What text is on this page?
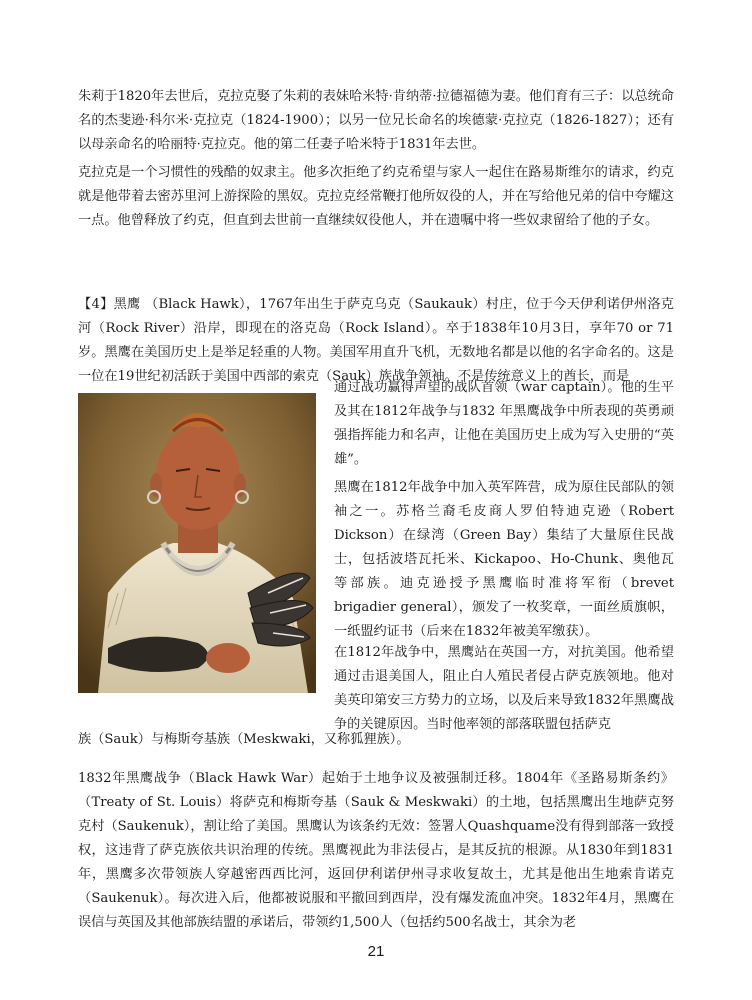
朱莉于1820年去世后，克拉克娶了朱莉的表妹哈米特·肯纳蒂·拉德福德为妻。他们育有三子：以总统命名的杰斐逊·科尔米·克拉克（1824-1900）；以另一位兄长命名的埃德蒙·克拉克（1826-1827）；还有以母亲命名的哈丽特·克拉克。他的第二任妻子哈米特于1831年去世。

克拉克是一个习惯性的残酷的奴隶主。他多次拒绝了约克希望与家人一起住在路易斯维尔的请求，约克就是他带着去密苏里河上游探险的黑奴。克拉克经常鞭打他所奴役的人，并在写给他兄弟的信中夸耀这一点。他曾释放了约克，但直到去世前一直继续奴役他人，并在遗嘱中将一些奴隶留给了他的子女。

【4】黑鹰 （Black Hawk），1767年出生于萨克乌克（Saukauk）村庄，位于今天伊利诺伊州洛克河（Rock River）沿岸，即现在的洛克岛（Rock Island）。卒于1838年10月3日，享年70 or 71岁。黑鹰在美国历史上是举足轻重的人物。美国军用直升飞机，无数地名都是以他的名字命名的。这是一位在19世纪初活跃于美国中西部的索克（Sauk）族战争领袖。不是传统意义上的酋长，而是

通过战功赢得声望的战队首领（war captain）。他的生平及其在1812年战争与1832 年黑鹰战争中所表现的英勇顽强指挥能力和名声，让他在美国历史上成为写入史册的“英雄”。

黑鹰在1812年战争中加入英军阵营，成为原住民部队的领袖之一。苏格兰裔毛皮商人罗伯特迪克逊（Robert Dickson）在绿湾（Green Bay）集结了大量原住民战士，包括波塔瓦托米、Kickapoo、Ho-Chunk、奥他瓦等部族。迪克逊授予黑鹰临时准将军衔（brevet brigadier general），颁发了一枚奖章，一面丝质旗帜， 一纸盟约证书（后来在1832年被美军缴获）。

在1812年战争中，黑鹰站在英国一方，对抗美国。他希望通过击退美国人，阻止白人殖民者侵占萨克族领地。他对美英印第安三方势力的立场，以及后来导致1832年黑鹰战争的关键原因。当时他率领的部落联盟包括萨克

族（Sauk）与梅斯夸基族（Meskwaki，又称狐狸族）。

1832年黑鹰战争（Black Hawk War）起始于土地争议及被强制迁移。1804年《圣路易斯条约》（Treaty of St. Louis）将萨克和梅斯夸基（Sauk & Meskwaki）的土地，包括黑鹰出生地萨克努克村（Saukenuk），割让给了美国。黑鹰认为该条约无效：签署人Quashquame没有得到部落一致授权，这违背了萨克族依共识治理的传统。黑鹰视此为非法侵占，是其反抗的根源。从1830年到1831年，黑鹰多次带领族人穿越密西西比河，返回伊利诺伊州寻求收复故土，尤其是他出生地索肯诺克（Saukenuk）。每次进入后，他都被说服和平撤回到西岸，没有爆发流血冲突。1832年4月，黑鹰在误信与英国及其他部族结盟的承诺后，带领约1,500人（包括约500名战士，其余为老

21
